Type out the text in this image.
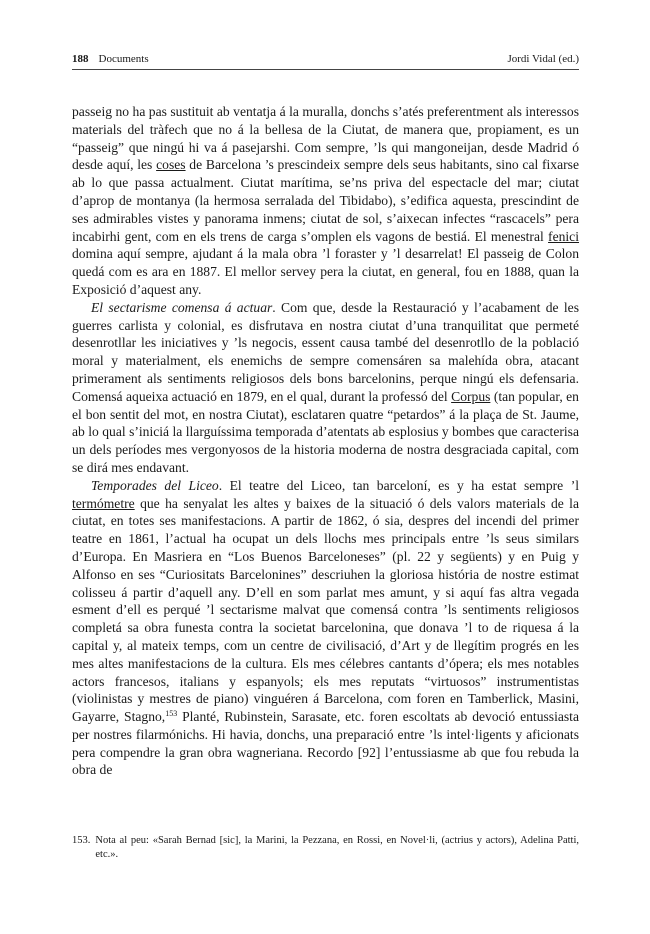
188 Documents	Jordi Vidal (ed.)

passeig no ha pas sustituit ab ventatja á la muralla, donchs s’atés preferentment als interessos materials del tràfech que no á la bellesa de la Ciutat, de manera que, propiament, es un “passeig” que ningú hi va á pasejarshi. Com sempre, ’ls qui mangoneijan, desde Madrid ó desde aquí, les coses de Barcelona ’s prescindeix sempre dels seus habitants, sino cal fixarse ab lo que passa actualment. Ciutat marítima, se’ns priva del espectacle del mar; ciutat d’aprop de montanya (la hermosa serralada del Tibidabo), s’edifica aquesta, prescindint de ses admirables vistes y panorama inmens; ciutat de sol, s’aixecan infectes “rascacels” pera incabirhi gent, com en els trens de carga s’omplen els vagons de bestiá. El menestral fenici domina aquí sempre, ajudant á la mala obra ’l foraster y ’l desarrelat! El passeig de Colon quedá com es ara en 1887. El mellor servey pera la ciutat, en general, fou en 1888, quan la Exposició d’aquest any.

El sectarisme comensa á actuar. Com que, desde la Restauració y l’acabament de les guerres carlista y colonial, es disfrutava en nostra ciutat d’una tranquilitat que permeté desenrotllar les iniciatives y ’ls negocis, essent causa també del desenrotllo de la població moral y materialment, els enemichs de sempre comensáren sa malehída obra, atacant primerament als sentiments religiosos dels bons barcelonins, perque ningú els defensaria. Comensá aqueixa actuació en 1879, en el qual, durant la professó del Corpus (tan popular, en el bon sentit del mot, en nostra Ciutat), esclataren quatre “petardos” á la plaça de St. Jaume, ab lo qual s’iniciá la llarguíssima temporada d’atentats ab esplosius y bombes que caracterisa un dels períodes mes vergonyosos de la historia moderna de nostra desgraciada capital, com se dirá mes endavant.

Temporades del Liceo. El teatre del Liceo, tan barceloní, es y ha estat sempre ’l termómetre que ha senyalat les altes y baixes de la situació ó dels valors materials de la ciutat, en totes ses manifestacions. A partir de 1862, ó sia, despres del incendi del primer teatre en 1861, l’actual ha ocupat un dels llochs mes principals entre ’ls seus similars d’Europa. En Masriera en “Los Buenos Barceloneses” (pl. 22 y següents) y en Puig y Alfonso en ses “Curiositats Barcelonines” descriuhen la gloriosa história de nostre estimat colisseu á partir d’aquell any. D’ell en som parlat mes amunt, y si aquí fas altra vegada esment d’ell es perqué ’l sectarisme malvat que comensá contra ’ls sentiments religiosos completá sa obra funesta contra la societat barcelonina, que donava ’l to de riquesa á la capital y, al mateix temps, com un centre de civilisació, d’Art y de llegítim progrés en les mes altes manifestacions de la cultura. Els mes célebres cantants d’ópera; els mes notables actors francesos, italians y espanyols; els mes reputats “virtuosos” instrumentistas (violinistas y mestres de piano) vinguéren á Barcelona, com foren en Tamberlick, Masini, Gayarre, Stagno,$^{153}$ Planté, Rubinstein, Sarasate, etc. foren escoltats ab devoció entussiasta per nostres filarmónichs. Hi havia, donchs, una preparació entre ’ls intel·ligents y aficionats pera compendre la gran obra wagneriana. Recordo [92] l’entussiasme ab que fou rebuda la obra de

153. Nota al peu: «Sarah Bernad [sic], la Marini, la Pezzana, en Rossi, en Novel·li, (actrius y actors), Adelina Patti, etc.».
